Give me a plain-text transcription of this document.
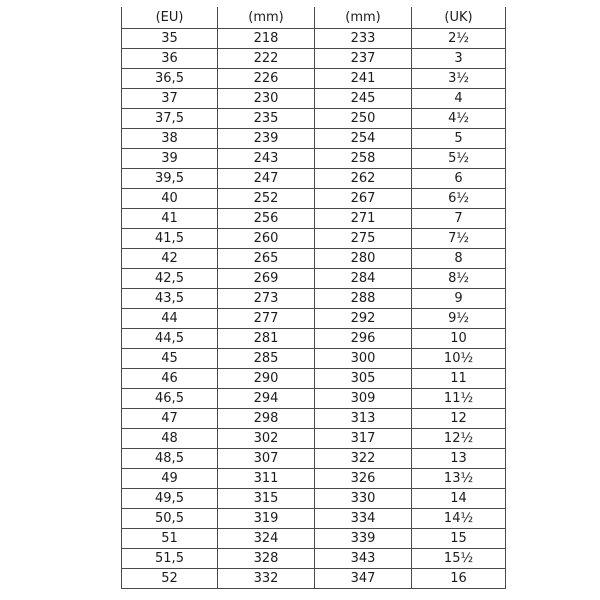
(EU)	(mm)	(mm)	(UK)
35	218	233	2½
36	222	237	3
36,5	226	241	3½
37	230	245	4
37,5	235	250	4½
38	239	254	5
39	243	258	5½
39,5	247	262	6
40	252	267	6½
41	256	271	7
41,5	260	275	7½
42	265	280	8
42,5	269	284	8½
43,5	273	288	9
44	277	292	9½
44,5	281	296	10
45	285	300	10½
46	290	305	11
46,5	294	309	11½
47	298	313	12
48	302	317	12½
48,5	307	322	13
49	311	326	13½
49,5	315	330	14
50,5	319	334	14½
51	324	339	15
51,5	328	343	15½
52	332	347	16
